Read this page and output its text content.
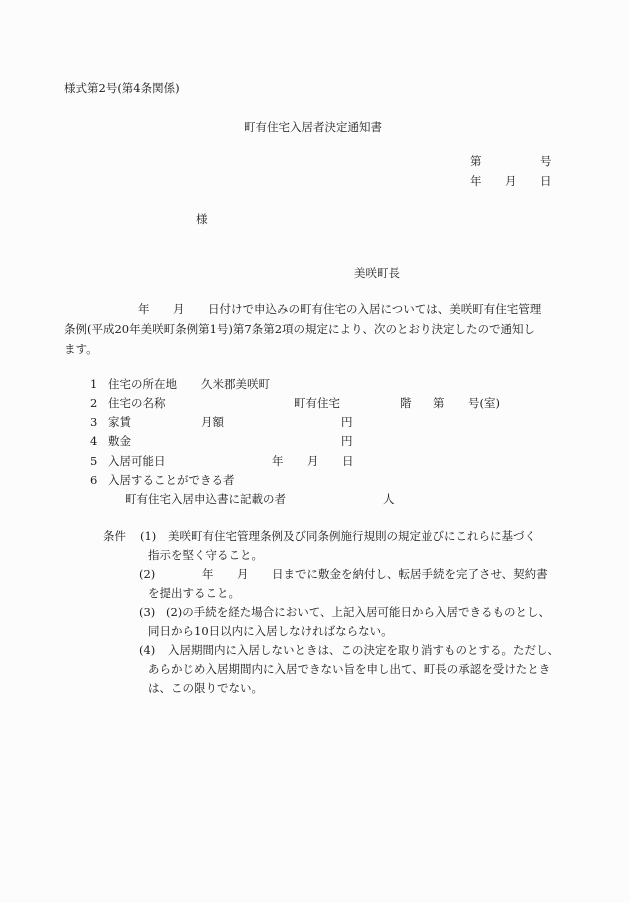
様式第2号(第4条関係)
町有住宅入居者決定通知書
第	号
年 月 日
様
美咲町長
年 月 日付けで申込みの町有住宅の入居については、美咲町有住宅管理
条例(平成20年美咲町条例第1号)第7条第2項の規定により、次のとおり決定したので通知し
ます。
1 住宅の所在地 久米郡美咲町
2 住宅の名称	町有住宅	階 第 号(室)
3 家賃	月額	円
4 敷金	円
5 入居可能日	年 月 日
6 入居することができる者
町有住宅入居申込書に記載の者	人
条件 (1) 美咲町有住宅管理条例及び同条例施行規則の規定並びにこれらに基づく
指示を堅く守ること。
(2)	年 月 日までに敷金を納付し、転居手続を完了させ、契約書
を提出すること。
(3) (2)の手続を経た場合において、上記入居可能日から入居できるものとし、
同日から10日以内に入居しなければならない。
(4) 入居期間内に入居しないときは、この決定を取り消すものとする。ただし、
あらかじめ入居期間内に入居できない旨を申し出て、町長の承認を受けたとき
は、この限りでない。
